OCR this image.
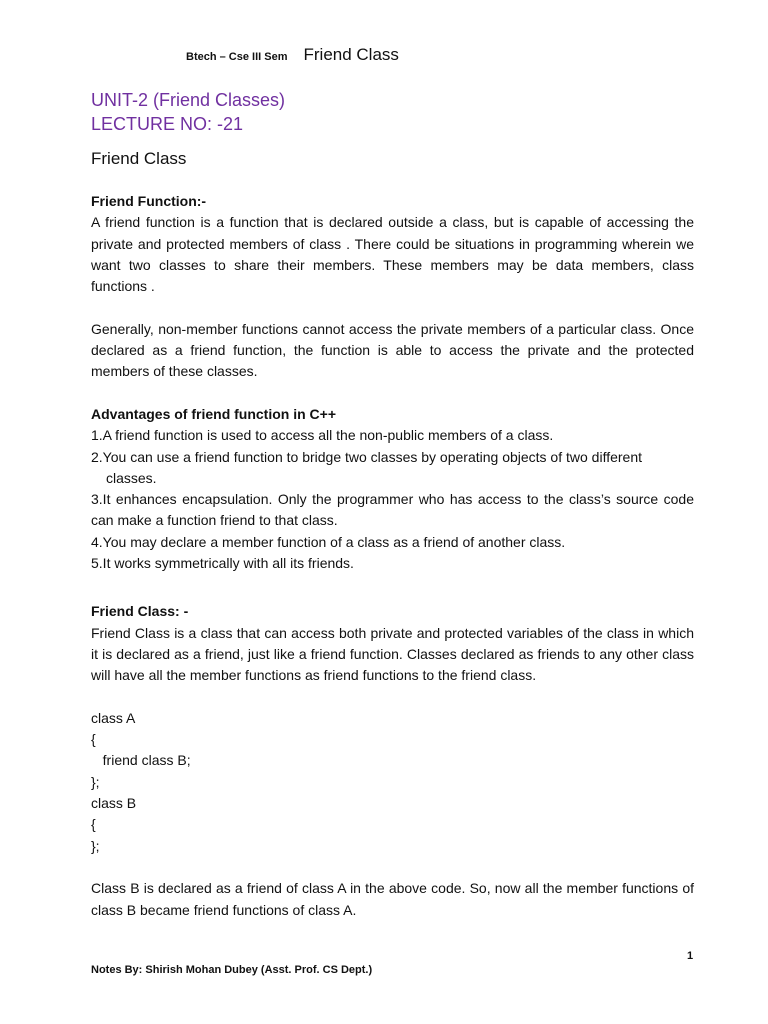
Btech – Cse III Sem Friend Class

UNIT-2 (Friend Classes)

LECTURE NO: -21

Friend Class

Friend Function:-

A friend function is a function that is declared outside a class, but is capable of accessing the private and protected members of class . There could be situations in programming wherein we want two classes to share their members. These members may be data members, class functions .

Generally, non-member functions cannot access the private members of a particular class. Once declared as a friend function, the function is able to access the private and the protected members of these classes.

Advantages of friend function in C++

1.A friend function is used to access all the non-public members of a class.

2.You can use a friend function to bridge two classes by operating objects of two different classes.

3.It enhances encapsulation. Only the programmer who has access to the class’s source code can make a function friend to that class.

4.You may declare a member function of a class as a friend of another class.

5.It works symmetrically with all its friends.

Friend Class: -

Friend Class is a class that can access both private and protected variables of the class in which it is declared as a friend, just like a friend function. Classes declared as friends to any other class will have all the member functions as friend functions to the friend class.

class A

{

friend class B;

};

class B

{

};

Class B is declared as a friend of class A in the above code. So, now all the member functions of class B became friend functions of class A.

1
Notes By: Shirish Mohan Dubey (Asst. Prof. CS Dept.)
